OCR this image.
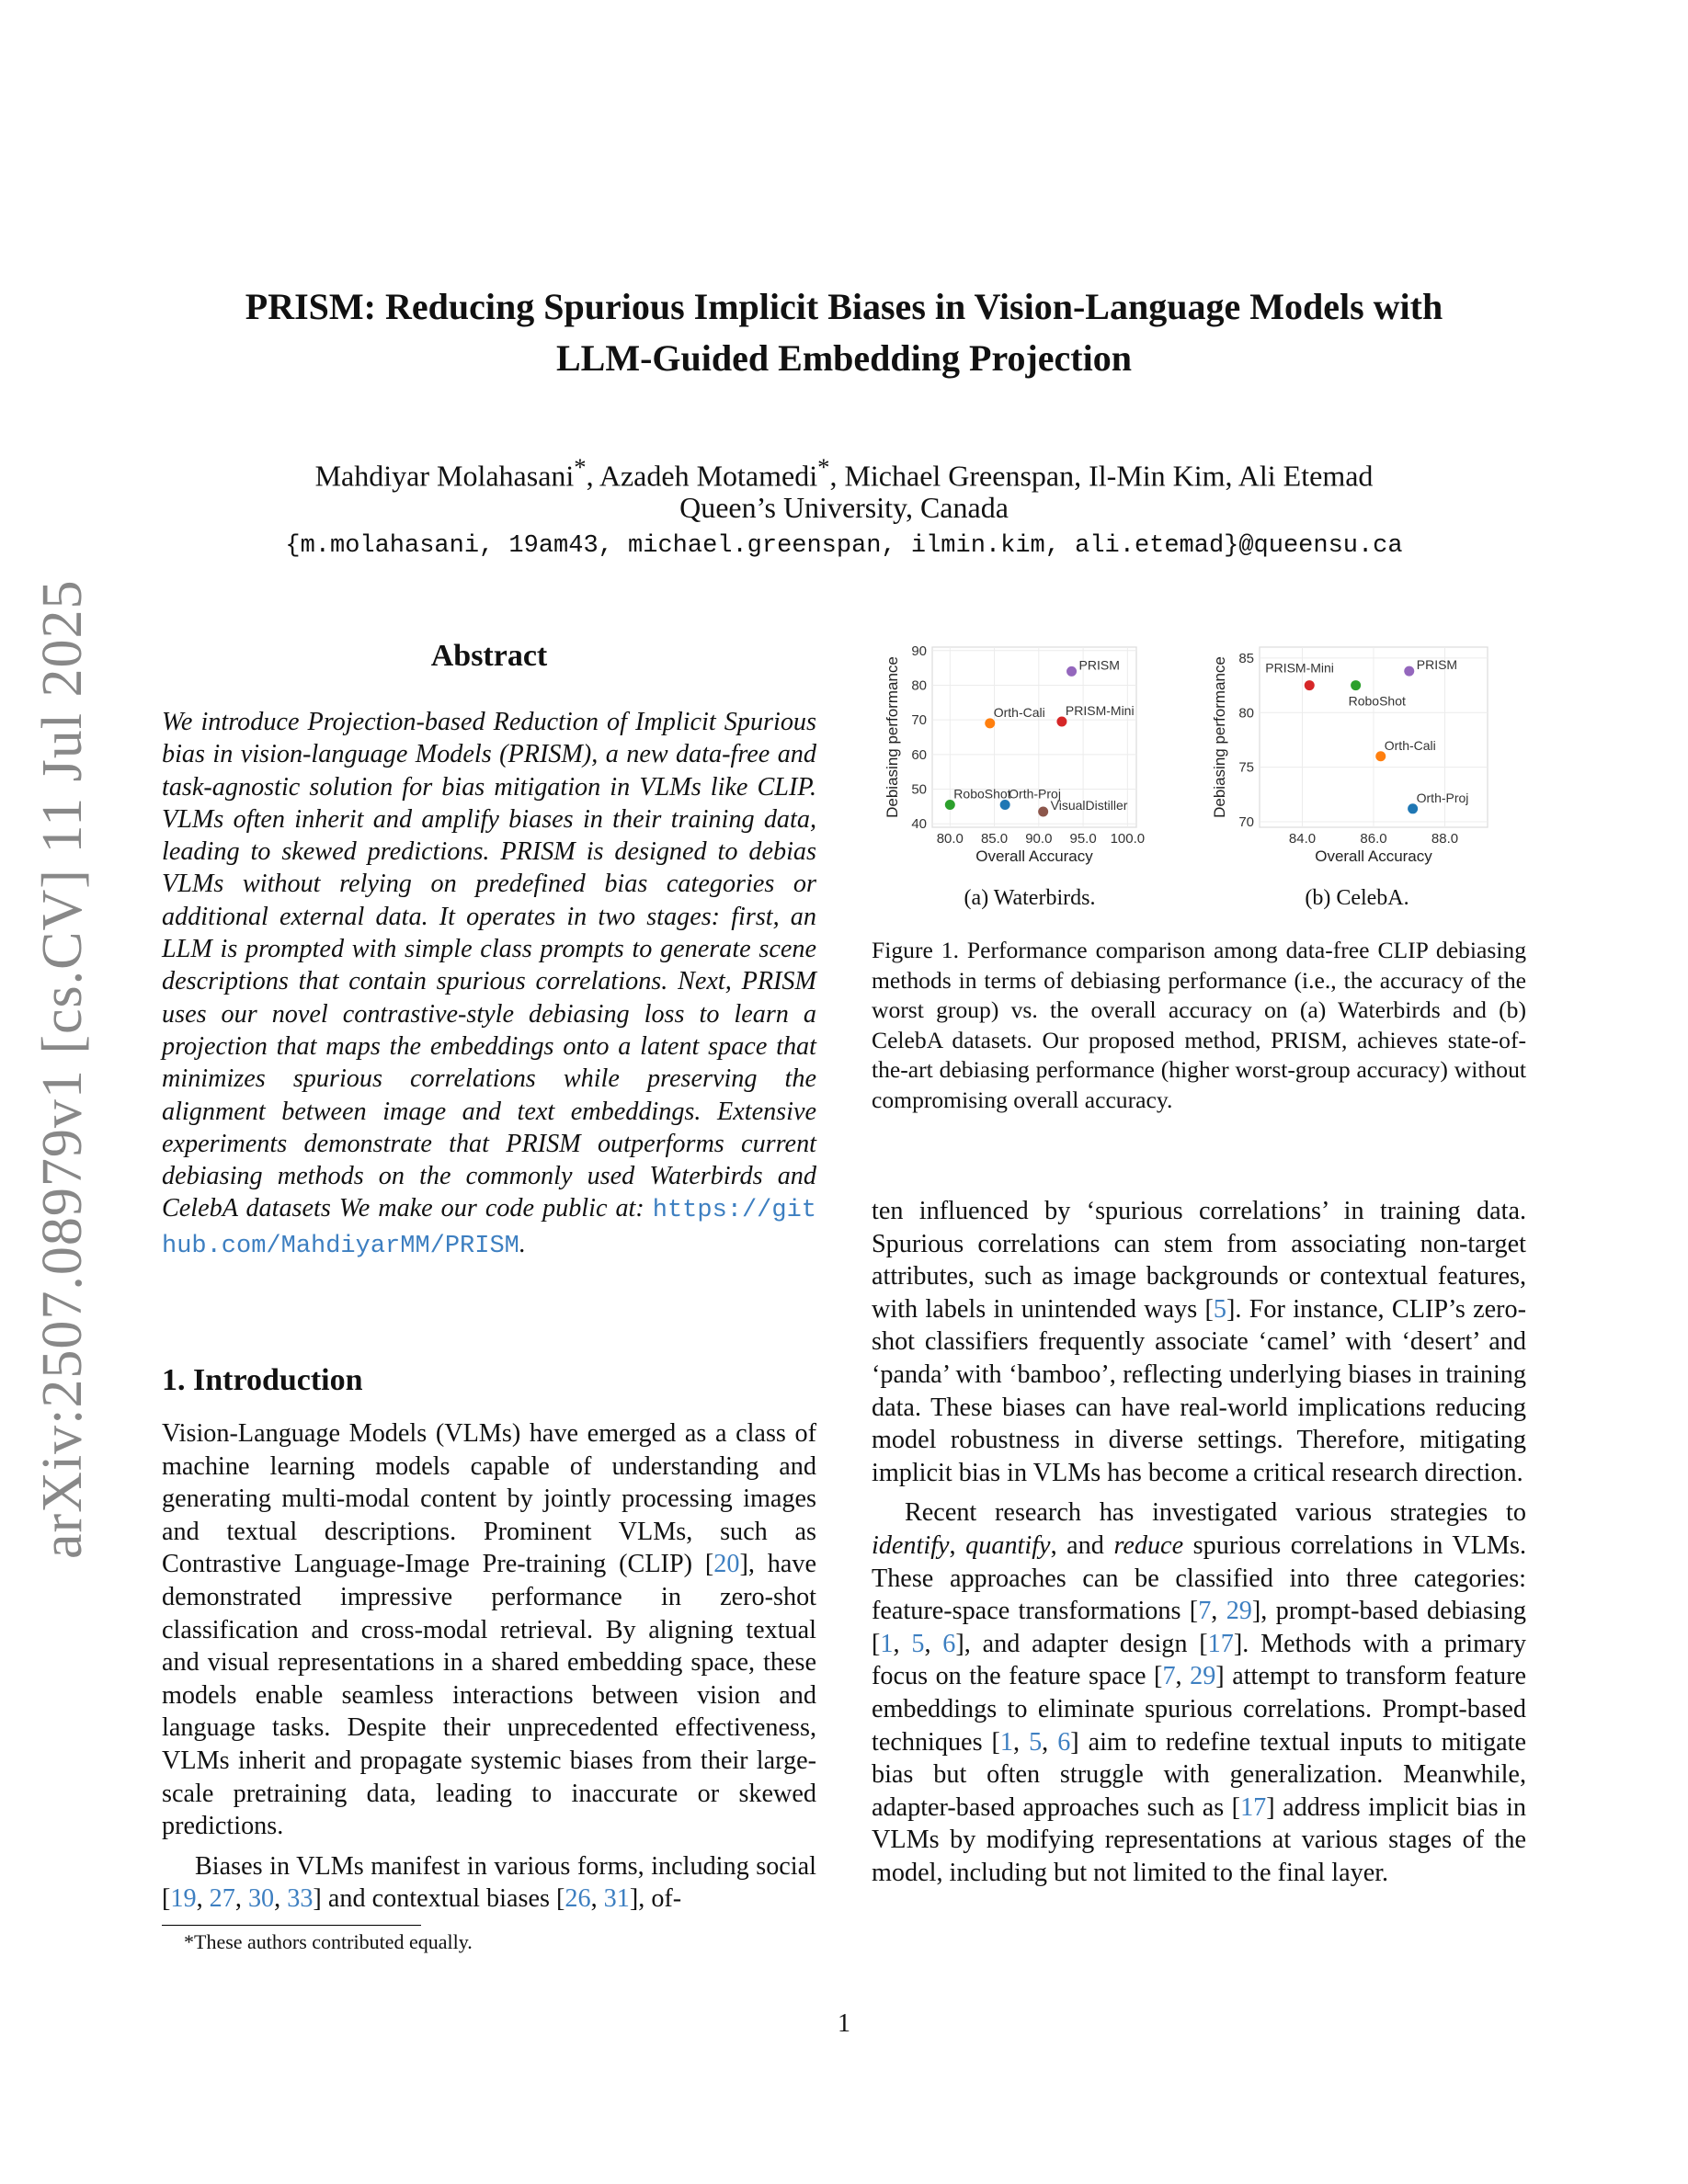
PRISM: Reducing Spurious Implicit Biases in Vision-Language Models with
LLM-Guided Embedding Projection
Mahdiyar Molahasani*, Azadeh Motamedi*, Michael Greenspan, Il-Min Kim, Ali Etemad
Queen’s University, Canada
{m.molahasani, 19am43, michael.greenspan, ilmin.kim, ali.etemad}@queensu.ca
arXiv:2507.08979v1 [cs.CV] 11 Jul 2025	Abstract
We introduce Projection-based Reduction of Implicit Spurious bias in vision-language Models (PRISM), a new data-free and task-agnostic solution for bias mitigation in VLMs like CLIP. VLMs often inherit and amplify biases in their training data, leading to skewed predictions. PRISM is designed to debias VLMs without relying on predefined bias categories or additional external data. It operates in two stages: first, an LLM is prompted with simple class prompts to generate scene descriptions that contain spurious correlations. Next, PRISM uses our novel contrastive-style debiasing loss to learn a projection that maps the embeddings onto a latent space that minimizes spurious correlations while preserving the alignment between image and text embeddings. Extensive experiments demonstrate that PRISM outperforms current debiasing methods on the commonly used Waterbirds and CelebA datasets We make our code public at: https://github.com/MahdiyarMM/PRISM.
1. Introduction

Vision-Language Models (VLMs) have emerged as a class of machine learning models capable of understanding and generating multi-modal content by jointly processing images and textual descriptions. Prominent VLMs, such as Contrastive Language-Image Pre-training (CLIP) [20], have demonstrated impressive performance in zero-shot classification and cross-modal retrieval. By aligning textual and visual representations in a shared embedding space, these models enable seamless interactions between vision and language tasks. Despite their unprecedented effectiveness, VLMs inherit and propagate systemic biases from their large-scale pretraining data, leading to inaccurate or skewed predictions.

Biases in VLMs manifest in various forms, including social [19, 27, 30, 33] and contextual biases [26, 31], of-

*These authors contributed equally.
80.0 85.0 90.0 95.0 100.0
40
50
60
70
80
90
Overall Accuracy
Debiasing performance	PRISM
PRISM-Mini
Orth-Cali
Orth-Proj
RoboShot
VisualDistiller
84.0	86.0	88.0
70
75
80
85
Overall Accuracy
Debiasing performance	PRISM-Mini
RoboShot
PRISM
Orth-Cali
Orth-Proj
(a) Waterbirds.	(b) CelebA.
Figure 1. Performance comparison among data-free CLIP debiasing methods in terms of debiasing performance (i.e., the accuracy of the worst group) vs. the overall accuracy on (a) Waterbirds and (b) CelebA datasets. Our proposed method, PRISM, achieves state-of-the-art debiasing performance (higher worst-group accuracy) without compromising overall accuracy.

ten influenced by ‘spurious correlations’ in training data. Spurious correlations can stem from associating non-target attributes, such as image backgrounds or contextual features, with labels in unintended ways [5]. For instance, CLIP’s zero-shot classifiers frequently associate ‘camel’ with ‘desert’ and ‘panda’ with ‘bamboo’, reflecting underlying biases in training data. These biases can have real-world implications reducing model robustness in diverse settings. Therefore, mitigating implicit bias in VLMs has become a critical research direction.

Recent research has investigated various strategies to identify, quantify, and reduce spurious correlations in VLMs. These approaches can be classified into three categories: feature-space transformations [7, 29], prompt-based debiasing [1, 5, 6], and adapter design [17]. Methods with a primary focus on the feature space [7, 29] attempt to transform feature embeddings to eliminate spurious correlations. Prompt-based techniques [1, 5, 6] aim to redefine textual inputs to mitigate bias but often struggle with generalization. Meanwhile, adapter-based approaches such as [17] address implicit bias in VLMs by modifying representations at various stages of the model, including but not limited to the final layer.

1
